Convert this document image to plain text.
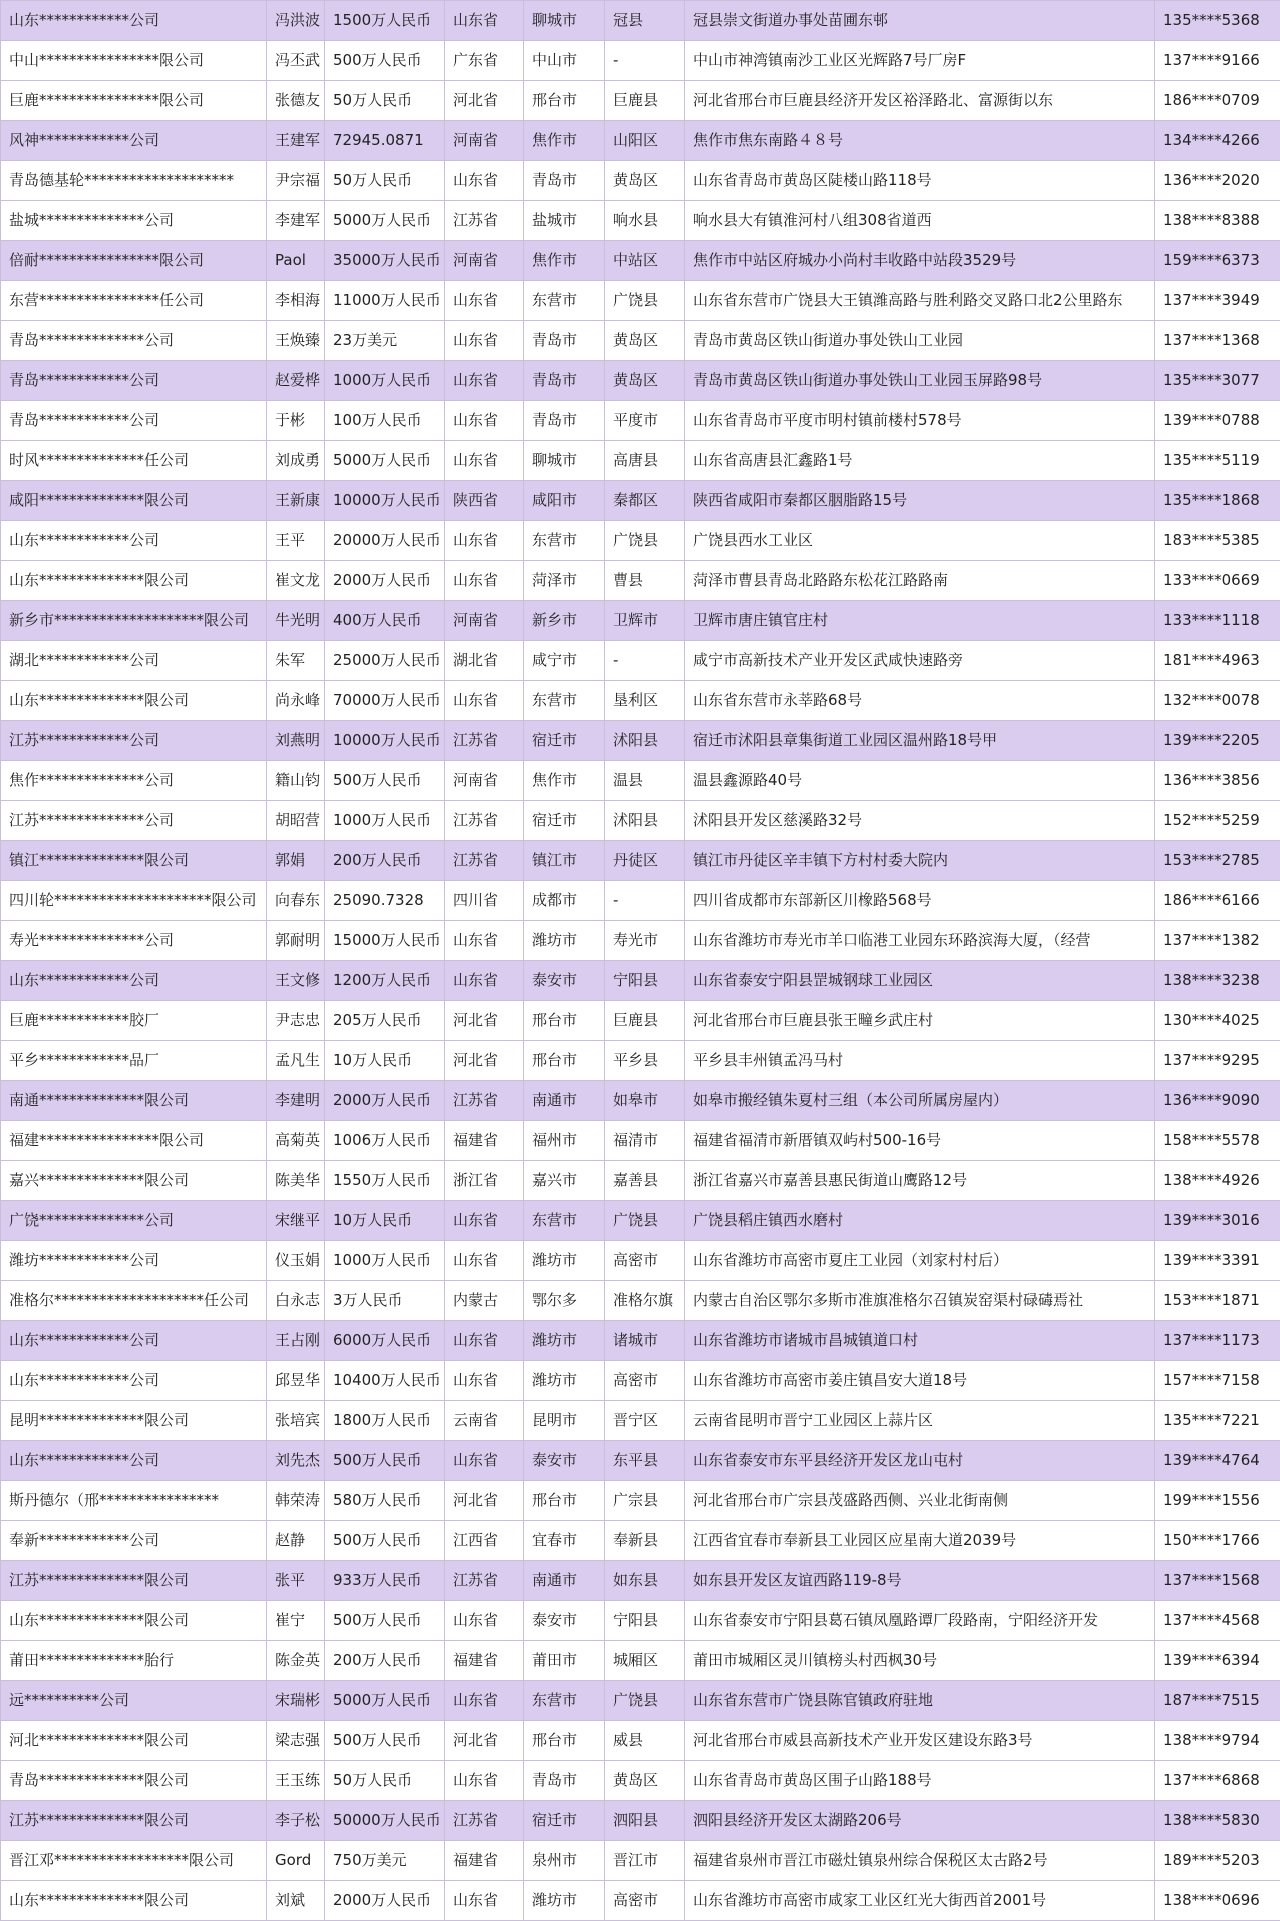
山东************公司	冯洪波	1500万人民币	山东省	聊城市	冠县	冠县崇文街道办事处苗圃东邨	135****5368
中山****************限公司	冯丕武	500万人民币	广东省	中山市	-	中山市神湾镇南沙工业区光辉路7号厂房F	137****9166
巨鹿****************限公司	张德友	50万人民币	河北省	邢台市	巨鹿县	河北省邢台市巨鹿县经济开发区裕泽路北、富源街以东	186****0709
风神************公司	王建军	72945.0871	河南省	焦作市	山阳区	焦作市焦东南路４８号	134****4266
青岛德基轮********************	尹宗福	50万人民币	山东省	青岛市	黄岛区	山东省青岛市黄岛区陡楼山路118号	136****2020
盐城**************公司	李建军	5000万人民币	江苏省	盐城市	响水县	响水县大有镇淮河村八组308省道西	138****8388
倍耐****************限公司	Paol	35000万人民币	河南省	焦作市	中站区	焦作市中站区府城办小尚村丰收路中站段3529号	159****6373
东营****************任公司	李相海	11000万人民币	山东省	东营市	广饶县	山东省东营市广饶县大王镇潍高路与胜利路交叉路口北2公里路东	137****3949
青岛**************公司	王焕臻	23万美元	山东省	青岛市	黄岛区	青岛市黄岛区铁山街道办事处铁山工业园	137****1368
青岛************公司	赵爱桦	1000万人民币	山东省	青岛市	黄岛区	青岛市黄岛区铁山街道办事处铁山工业园玉屏路98号	135****3077
青岛************公司	于彬	100万人民币	山东省	青岛市	平度市	山东省青岛市平度市明村镇前楼村578号	139****0788
时风**************任公司	刘成勇	5000万人民币	山东省	聊城市	高唐县	山东省高唐县汇鑫路1号	135****5119
咸阳**************限公司	王新康	10000万人民币	陕西省	咸阳市	秦都区	陕西省咸阳市秦都区胭脂路15号	135****1868
山东************公司	王平	20000万人民币	山东省	东营市	广饶县	广饶县西水工业区	183****5385
山东**************限公司	崔文龙	2000万人民币	山东省	菏泽市	曹县	菏泽市曹县青岛北路路东松花江路路南	133****0669
新乡市********************限公司	牛光明	400万人民币	河南省	新乡市	卫辉市	卫辉市唐庄镇官庄村	133****1118
湖北************公司	朱军	25000万人民币	湖北省	咸宁市	-	咸宁市高新技术产业开发区武咸快速路旁	181****4963
山东**************限公司	尚永峰	70000万人民币	山东省	东营市	垦利区	山东省东营市永莘路68号	132****0078
江苏************公司	刘燕明	10000万人民币	江苏省	宿迁市	沭阳县	宿迁市沭阳县章集街道工业园区温州路18号甲	139****2205
焦作**************公司	籍山钧	500万人民币	河南省	焦作市	温县	温县鑫源路40号	136****3856
江苏**************公司	胡昭营	1000万人民币	江苏省	宿迁市	沭阳县	沭阳县开发区慈溪路32号	152****5259
镇江**************限公司	郭娟	200万人民币	江苏省	镇江市	丹徒区	镇江市丹徒区辛丰镇下方村村委大院内	153****2785
四川轮*********************限公司	向春东	25090.7328	四川省	成都市	-	四川省成都市东部新区川橡路568号	186****6166
寿光**************公司	郭耐明	15000万人民币	山东省	潍坊市	寿光市	山东省潍坊市寿光市羊口临港工业园东环路滨海大厦，（经营	137****1382
山东************公司	王文修	1200万人民币	山东省	泰安市	宁阳县	山东省泰安宁阳县罡城钢球工业园区	138****3238
巨鹿************胶厂	尹志忠	205万人民币	河北省	邢台市	巨鹿县	河北省邢台市巨鹿县张王疃乡武庄村	130****4025
平乡************品厂	孟凡生	10万人民币	河北省	邢台市	平乡县	平乡县丰州镇孟冯马村	137****9295
南通**************限公司	李建明	2000万人民币	江苏省	南通市	如皋市	如皋市搬经镇朱夏村三组（本公司所属房屋内）	136****9090
福建****************限公司	高菊英	1006万人民币	福建省	福州市	福清市	福建省福清市新厝镇双屿村500-16号	158****5578
嘉兴**************限公司	陈美华	1550万人民币	浙江省	嘉兴市	嘉善县	浙江省嘉兴市嘉善县惠民街道山鹰路12号	138****4926
广饶**************公司	宋继平	10万人民币	山东省	东营市	广饶县	广饶县稻庄镇西水磨村	139****3016
潍坊************公司	仪玉娟	1000万人民币	山东省	潍坊市	高密市	山东省潍坊市高密市夏庄工业园（刘家村村后）	139****3391
准格尔********************任公司	白永志	3万人民币	内蒙古	鄂尔多	准格尔旗	内蒙古自治区鄂尔多斯市准旗准格尔召镇炭窑渠村碌碡焉社	153****1871
山东************公司	王占刚	6000万人民币	山东省	潍坊市	诸城市	山东省潍坊市诸城市昌城镇道口村	137****1173
山东************公司	邱昱华	10400万人民币	山东省	潍坊市	高密市	山东省潍坊市高密市姜庄镇昌安大道18号	157****7158
昆明**************限公司	张培宾	1800万人民币	云南省	昆明市	晋宁区	云南省昆明市晋宁工业园区上蒜片区	135****7221
山东************公司	刘先杰	500万人民币	山东省	泰安市	东平县	山东省泰安市东平县经济开发区龙山屯村	139****4764
斯丹德尔（邢****************	韩荣涛	580万人民币	河北省	邢台市	广宗县	河北省邢台市广宗县茂盛路西侧、兴业北街南侧	199****1556
奉新************公司	赵静	500万人民币	江西省	宜春市	奉新县	江西省宜春市奉新县工业园区应星南大道2039号	150****1766
江苏**************限公司	张平	933万人民币	江苏省	南通市	如东县	如东县开发区友谊西路119-8号	137****1568
山东**************限公司	崔宁	500万人民币	山东省	泰安市	宁阳县	山东省泰安市宁阳县葛石镇凤凰路谭厂段路南，宁阳经济开发	137****4568
莆田**************胎行	陈金英	200万人民币	福建省	莆田市	城厢区	莆田市城厢区灵川镇榜头村西枫30号	139****6394
远**********公司	宋瑞彬	5000万人民币	山东省	东营市	广饶县	山东省东营市广饶县陈官镇政府驻地	187****7515
河北**************限公司	梁志强	500万人民币	河北省	邢台市	威县	河北省邢台市威县高新技术产业开发区建设东路3号	138****9794
青岛**************限公司	王玉练	50万人民币	山东省	青岛市	黄岛区	山东省青岛市黄岛区围子山路188号	137****6868
江苏**************限公司	李子松	50000万人民币	江苏省	宿迁市	泗阳县	泗阳县经济开发区太湖路206号	138****5830
晋江邓******************限公司	Gord	750万美元	福建省	泉州市	晋江市	福建省泉州市晋江市磁灶镇泉州综合保税区太古路2号	189****5203
山东**************限公司	刘斌	2000万人民币	山东省	潍坊市	高密市	山东省潍坊市高密市咸家工业区红光大街西首2001号	138****0696
